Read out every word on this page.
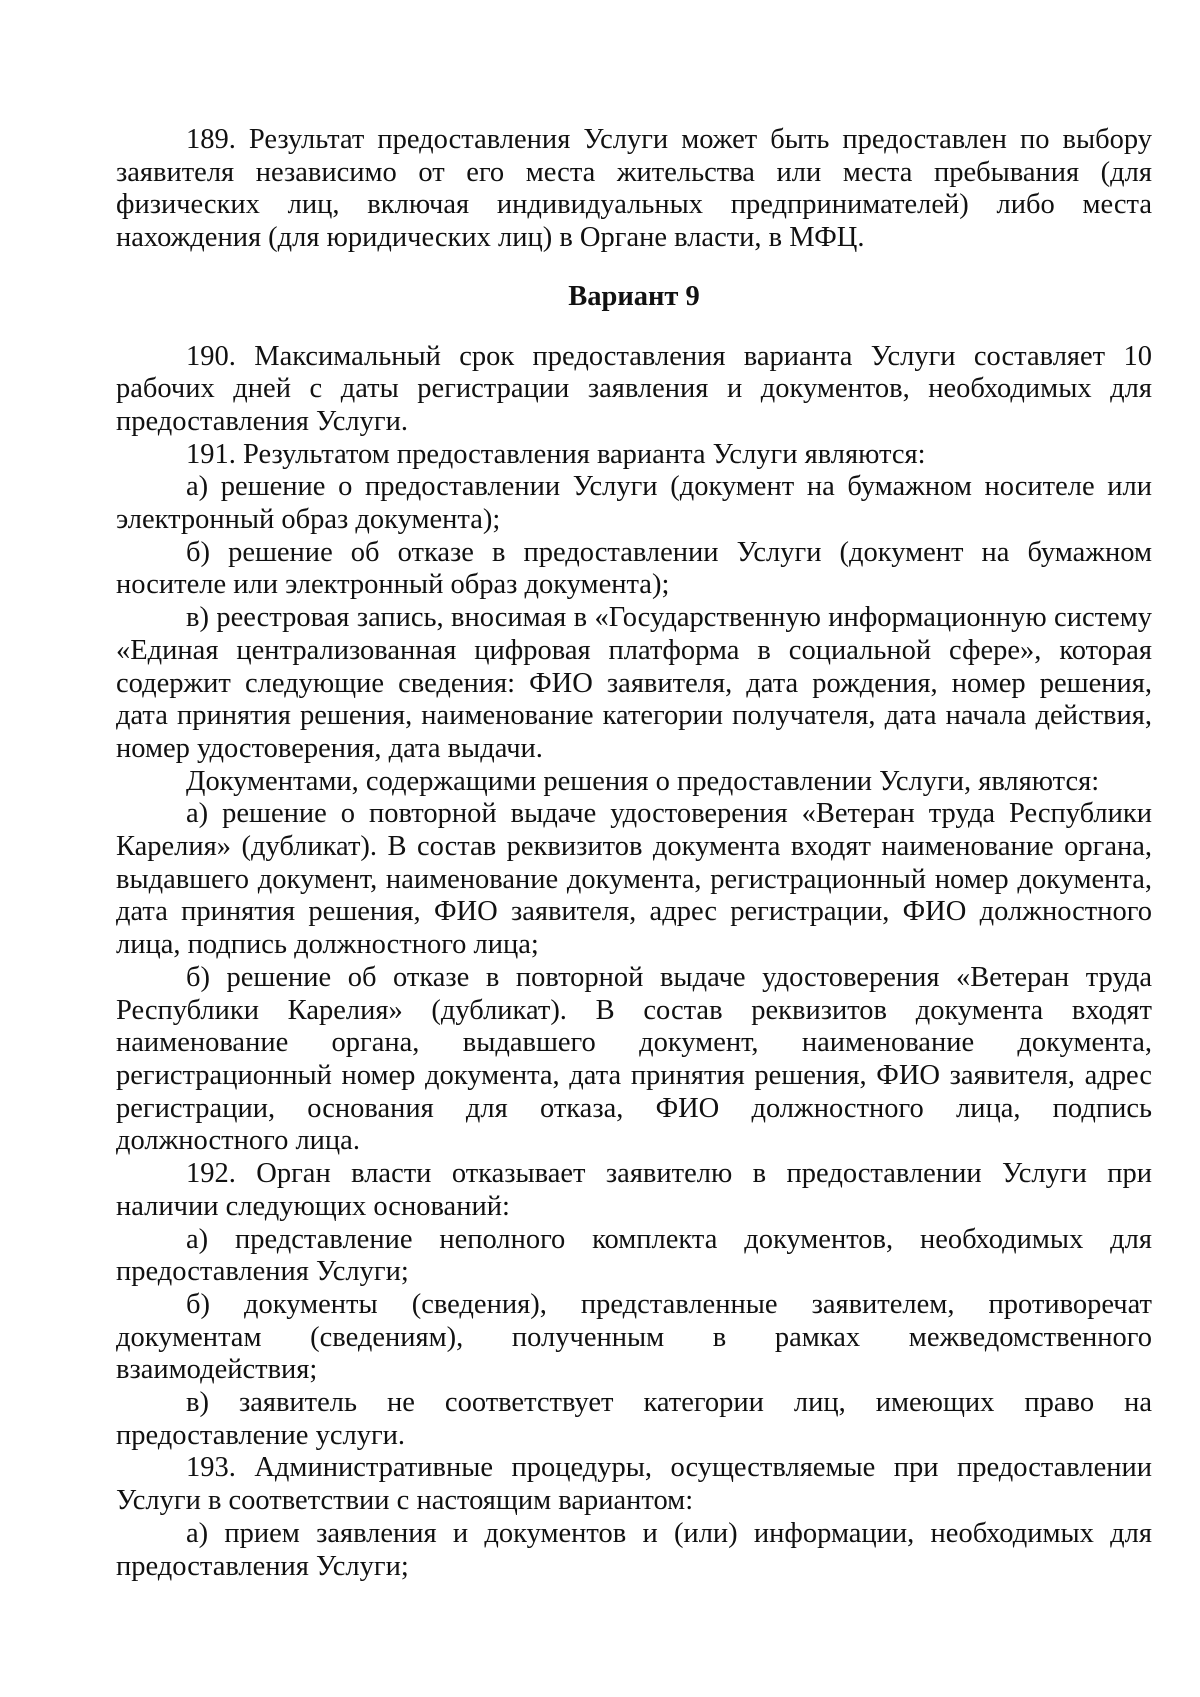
189. Результат предоставления Услуги может быть предоставлен по выбору заявителя независимо от его места жительства или места пребывания (для физических лиц, включая индивидуальных предпринимателей) либо места нахождения (для юридических лиц) в Органе власти, в МФЦ.

Вариант 9

190. Максимальный срок предоставления варианта Услуги составляет 10 рабочих дней с даты регистрации заявления и документов, необходимых для предоставления Услуги.

191. Результатом предоставления варианта Услуги являются:

а) решение о предоставлении Услуги (документ на бумажном носителе или электронный образ документа);

б) решение об отказе в предоставлении Услуги (документ на бумажном носителе или электронный образ документа);

в) реестровая запись, вносимая в «Государственную информационную систему «Единая централизованная цифровая платформа в социальной сфере», которая содержит следующие сведения: ФИО заявителя, дата рождения, номер решения, дата принятия решения, наименование категории получателя, дата начала действия, номер удостоверения, дата выдачи.

Документами, содержащими решения о предоставлении Услуги, являются:

а) решение о повторной выдаче удостоверения «Ветеран труда Республики Карелия» (дубликат). В состав реквизитов документа входят наименование органа, выдавшего документ, наименование документа, регистрационный номер документа, дата принятия решения, ФИО заявителя, адрес регистрации, ФИО должностного лица, подпись должностного лица;

б) решение об отказе в повторной выдаче удостоверения «Ветеран труда Республики Карелия» (дубликат). В состав реквизитов документа входят наименование органа, выдавшего документ, наименование документа, регистрационный номер документа, дата принятия решения, ФИО заявителя, адрес регистрации, основания для отказа, ФИО должностного лица, подпись должностного лица.

192. Орган власти отказывает заявителю в предоставлении Услуги при наличии следующих оснований:

а) представление неполного комплекта документов, необходимых для предоставления Услуги;

б) документы (сведения), представленные заявителем, противоречат документам (сведениям), полученным в рамках межведомственного взаимодействия;

в) заявитель не соответствует категории лиц, имеющих право на предоставление услуги.

193. Административные процедуры, осуществляемые при предоставлении Услуги в соответствии с настоящим вариантом:

а) прием заявления и документов и (или) информации, необходимых для предоставления Услуги;
